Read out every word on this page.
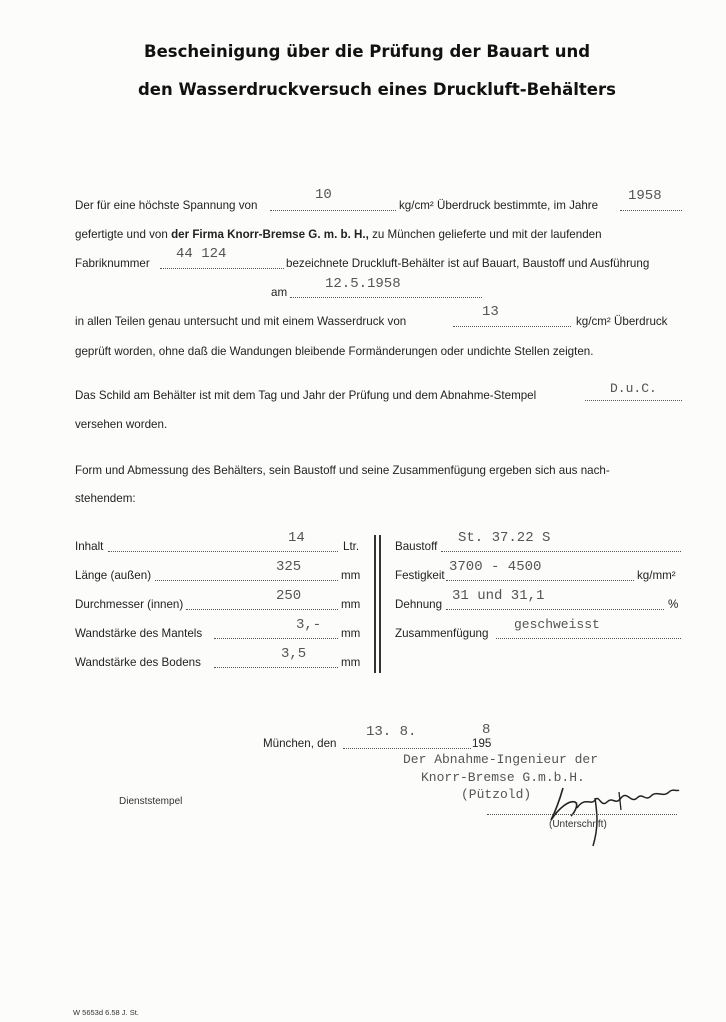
Bescheinigung über die Prüfung der Bauart und
den Wasserdruckversuch eines Druckluft-Behälters
Der für eine höchste Spannung von
10
kg/cm² Überdruck bestimmte, im Jahre
1958
gefertigte und von der Firma Knorr-Bremse G. m. b. H., zu München gelieferte und mit der laufenden
Fabriknummer
44 124
bezeichnete Druckluft-Behälter ist auf Bauart, Baustoff und Ausführung
am
12.5.1958
in allen Teilen genau untersucht und mit einem Wasserdruck von
13
kg/cm² Überdruck
geprüft worden, ohne daß die Wandungen bleibende Formänderungen oder undichte Stellen zeigten.
Das Schild am Behälter ist mit dem Tag und Jahr der Prüfung und dem Abnahme-Stempel	D.u.C.
versehen worden.
Form und Abmessung des Behälters, sein Baustoff und seine Zusammenfügung ergeben sich aus nach-
stehendem:
Inhalt
14
Ltr.
Länge (außen)
325
mm
Durchmesser (innen)
250
mm
Wandstärke des Mantels
3,-
mm
Wandstärke des Bodens
3,5
mm
Baustoff
St. 37.22 S
Festigkeit
3700 - 4500
kg/mm²
Dehnung
31 und 31,1
%
Zusammenfügung
geschweisst
München, den
13. 8.
195
8
Der Abnahme-Ingenieur der
Knorr-Bremse G.m.b.H.
(Pützold)
(Unterschrift)
Dienststempel
W 5653d 6.58 J. St.
